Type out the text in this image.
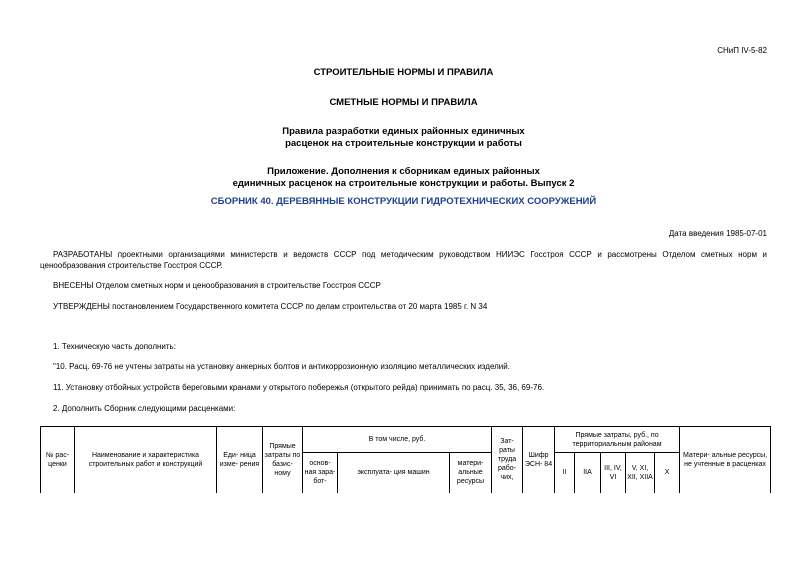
СНиП IV-5-82
СТРОИТЕЛЬНЫЕ НОРМЫ И ПРАВИЛА
СМЕТНЫЕ НОРМЫ И ПРАВИЛА
Правила разработки единых районных единичных
расценок на строительные конструкции и работы
Приложение. Дополнения к сборникам единых районных
единичных расценок на строительные конструкции и работы. Выпуск 2
СБОРНИК 40. ДЕРЕВЯННЫЕ КОНСТРУКЦИИ ГИДРОТЕХНИЧЕСКИХ СООРУЖЕНИЙ
Дата введения 1985-07-01
РАЗРАБОТАНЫ проектными организациями министерств и ведомств СССР под методическим руководством НИИЭС Госстроя СССР и рассмотрены Отделом сметных норм и ценообразования строительстве Госстроя СССР.
ВНЕСЕНЫ Отделом сметных норм и ценообразования в строительстве Госстроя СССР
УТВЕРЖДЕНЫ постановлением Государственного комитета СССР по делам строительства от 20 марта 1985 г. N 34
1. Техническую часть дополнить:
"10. Расц. 69-76 не учтены затраты на установку анкерных болтов и антикоррозионную изоляцию металлических изделий.
11. Установку отбойных устройств береговыми кранами у открытого побережья (открытого рейда) принимать по расц. 35, 36, 69-76.
2. Дополнить Сборник следующими расценками:
№ рас- ценки	Наименование и характеристика строительных работ и конструкций	Еди- ница изме- рения	Прямые затраты по базис- ному	В том числе, руб.			Зат- раты труда рабо- чих,	Шифр ЭСН- 84	Прямые затраты, руб., по территориальным районам					Матери- альные ресурсы, не учтенные в расценках
				основ- ная зара- бот-	эксплуата- ция машин	матери- альные ресурсы			II	IIА	III, IV, VI	V, XI, XII, XIIА	X	
